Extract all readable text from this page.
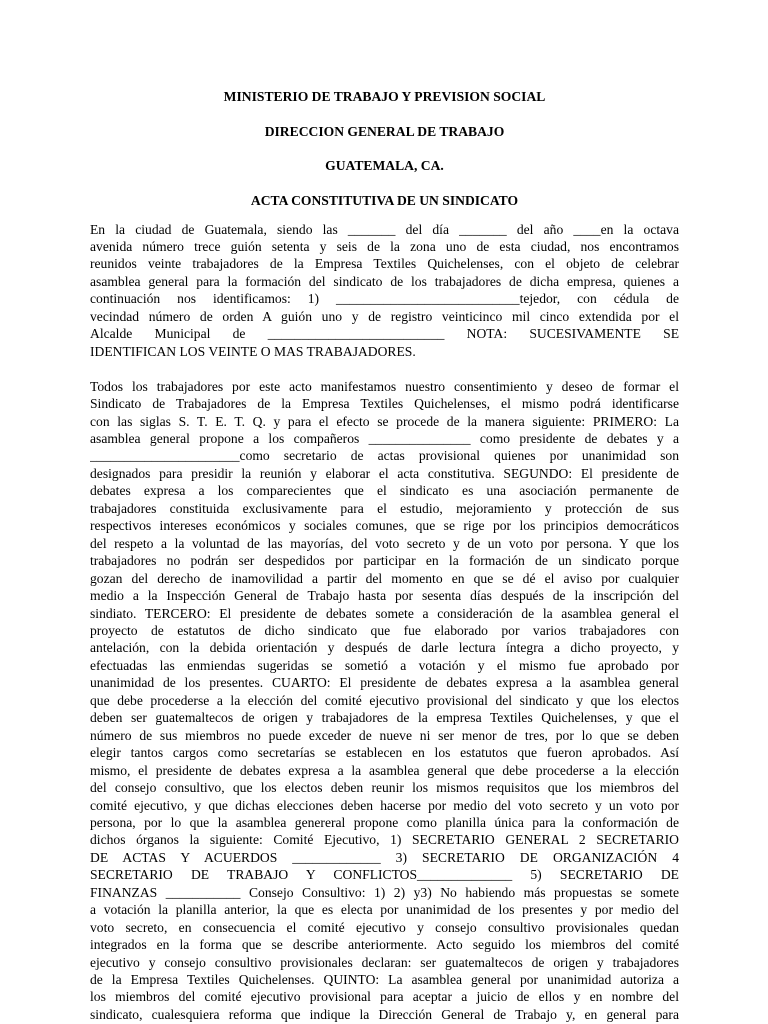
MINISTERIO DE TRABAJO Y PREVISION SOCIAL
DIRECCION GENERAL DE TRABAJO
GUATEMALA, CA.
ACTA CONSTITUTIVA DE UN SINDICATO
En la ciudad de Guatemala, siendo las _______ del día _______ del año ____en la octava
avenida número trece guión setenta y seis de la zona uno de esta ciudad, nos encontramos
reunidos veinte trabajadores de la Empresa Textiles Quichelenses, con el objeto de celebrar
asamblea general para la formación del sindicato de los trabajadores de dicha empresa, quienes a
continuación nos identificamos: 1) ___________________________tejedor, con cédula de
vecindad número de orden A guión uno y de registro veinticinco mil cinco extendida por el
Alcalde Municipal de __________________________ NOTA: SUCESIVAMENTE SE
IDENTIFICAN LOS VEINTE O MAS TRABAJADORES.
Todos los trabajadores por este acto manifestamos nuestro consentimiento y deseo de formar el
Sindicato de Trabajadores de la Empresa Textiles Quichelenses, el mismo podrá identificarse
con las siglas S. T. E. T. Q. y para el efecto se procede de la manera siguiente: PRIMERO: La
asamblea general propone a los compañeros _______________ como presidente de debates y a
______________________como secretario de actas provisional quienes por unanimidad son
designados para presidir la reunión y elaborar el acta constitutiva. SEGUNDO: El presidente de
debates expresa a los comparecientes que el sindicato es una asociación permanente de
trabajadores constituida exclusivamente para el estudio, mejoramiento y protección de sus
respectivos intereses económicos y sociales comunes, que se rige por los principios democráticos
del respeto a la voluntad de las mayorías, del voto secreto y de un voto por persona. Y que los
trabajadores no podrán ser despedidos por participar en la formación de un sindicato porque
gozan del derecho de inamovilidad a partir del momento en que se dé el aviso por cualquier
medio a la Inspección General de Trabajo hasta por sesenta días después de la inscripción del
sindiato. TERCERO: El presidente de debates somete a consideración de la asamblea general el
proyecto de estatutos de dicho sindicato que fue elaborado por varios trabajadores con
antelación, con la debida orientación y después de darle lectura íntegra a dicho proyecto, y
efectuadas las enmiendas sugeridas se sometió a votación y el mismo fue aprobado por
unanimidad de los presentes. CUARTO: El presidente de debates expresa a la asamblea general
que debe procederse a la elección del comité ejecutivo provisional del sindicato y que los electos
deben ser guatemaltecos de origen y trabajadores de la empresa Textiles Quichelenses, y que el
número de sus miembros no puede exceder de nueve ni ser menor de tres, por lo que se deben
elegir tantos cargos como secretarías se establecen en los estatutos que fueron aprobados. Así
mismo, el presidente de debates expresa a la asamblea general que debe procederse a la elección
del consejo consultivo, que los electos deben reunir los mismos requisitos que los miembros del
comité ejecutivo, y que dichas elecciones deben hacerse por medio del voto secreto y un voto por
persona, por lo que la asamblea genereral propone como planilla única para la conformación de
dichos órganos la siguiente: Comité Ejecutivo, 1) SECRETARIO GENERAL 2 SECRETARIO
DE ACTAS Y ACUERDOS _____________ 3) SECRETARIO DE ORGANIZACIÓN 4
SECRETARIO DE TRABAJO Y CONFLICTOS______________ 5) SECRETARIO DE
FINANZAS ___________ Consejo Consultivo: 1) 2) y3) No habiendo más propuestas se somete
a votación la planilla anterior, la que es electa por unanimidad de los presentes y por medio del
voto secreto, en consecuencia el comité ejecutivo y consejo consultivo provisionales quedan
integrados en la forma que se describe anteriormente. Acto seguido los miembros del comité
ejecutivo y consejo consultivo provisionales declaran: ser guatemaltecos de origen y trabajadores
de la Empresa Textiles Quichelenses. QUINTO: La asamblea general por unanimidad autoriza a
los miembros del comité ejecutivo provisional para aceptar a juicio de ellos y en nombre del
sindicato, cualesquiera reforma que indique la Dirección General de Trabajo y, en general para
